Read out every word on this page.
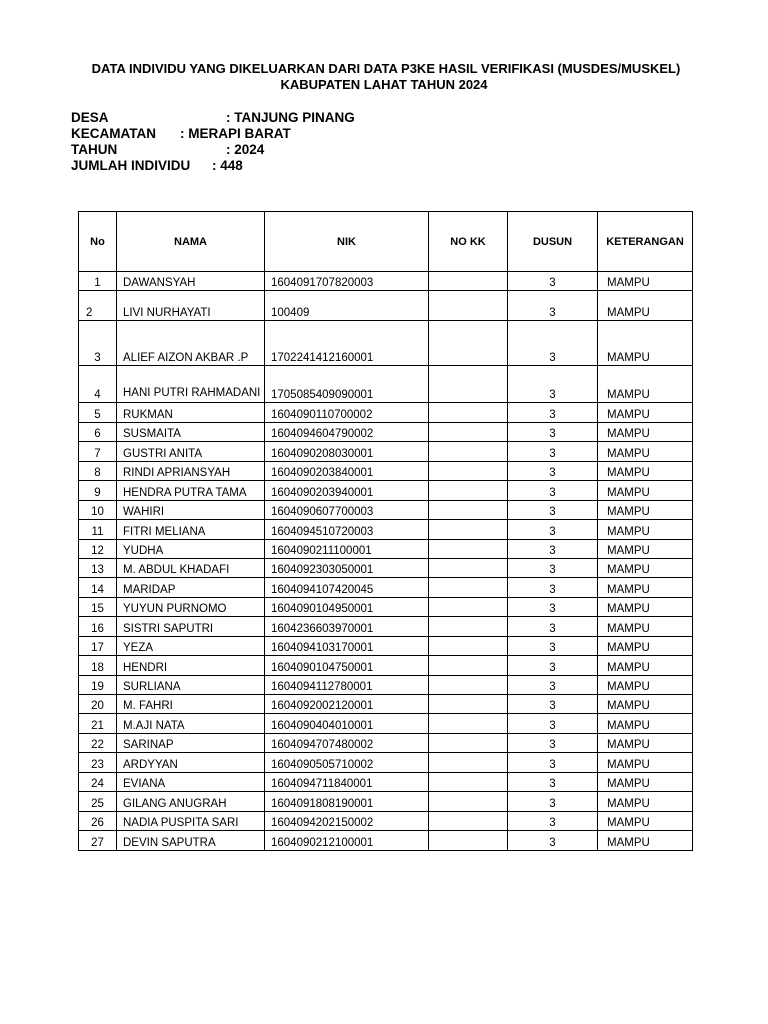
DATA INDIVIDU YANG DIKELUARKAN DARI DATA P3KE HASIL VERIFIKASI (MUSDES/MUSKEL)
KABUPATEN LAHAT TAHUN 2024
DESA	: TANJUNG PINANG
KECAMATAN : MERAPI BARAT
TAHUN	: 2024
JUMLAH INDIVIDU : 448
No	NAMA	NIK	NO KK	DUSUN	KETERANGAN
1	DAWANSYAH	1604091707820003		3	MAMPU
2	LIVI NURHAYATI	100409		3	MAMPU
3	ALIEF AIZON AKBAR .P	1702241412160001		3	MAMPU
4	HANI PUTRI RAHMADANI	1705085409090001		3	MAMPU
5	RUKMAN	1604090110700002		3	MAMPU
6	SUSMAITA	1604094604790002		3	MAMPU
7	GUSTRI ANITA	1604090208030001		3	MAMPU
8	RINDI APRIANSYAH	1604090203840001		3	MAMPU
9	HENDRA PUTRA TAMA	1604090203940001		3	MAMPU
10	WAHIRI	1604090607700003		3	MAMPU
11	FITRI MELIANA	1604094510720003		3	MAMPU
12	YUDHA	1604090211100001		3	MAMPU
13	M. ABDUL KHADAFI	1604092303050001		3	MAMPU
14	MARIDAP	1604094107420045		3	MAMPU
15	YUYUN PURNOMO	1604090104950001		3	MAMPU
16	SISTRI SAPUTRI	1604236603970001		3	MAMPU
17	YEZA	1604094103170001		3	MAMPU
18	HENDRI	1604090104750001		3	MAMPU
19	SURLIANA	1604094112780001		3	MAMPU
20	M. FAHRI	1604092002120001		3	MAMPU
21	M.AJI NATA	1604090404010001		3	MAMPU
22	SARINAP	1604094707480002		3	MAMPU
23	ARDYYAN	1604090505710002		3	MAMPU
24	EVIANA	1604094711840001		3	MAMPU
25	GILANG ANUGRAH	1604091808190001		3	MAMPU
26	NADIA PUSPITA SARI	1604094202150002		3	MAMPU
27	DEVIN SAPUTRA	1604090212100001		3	MAMPU
